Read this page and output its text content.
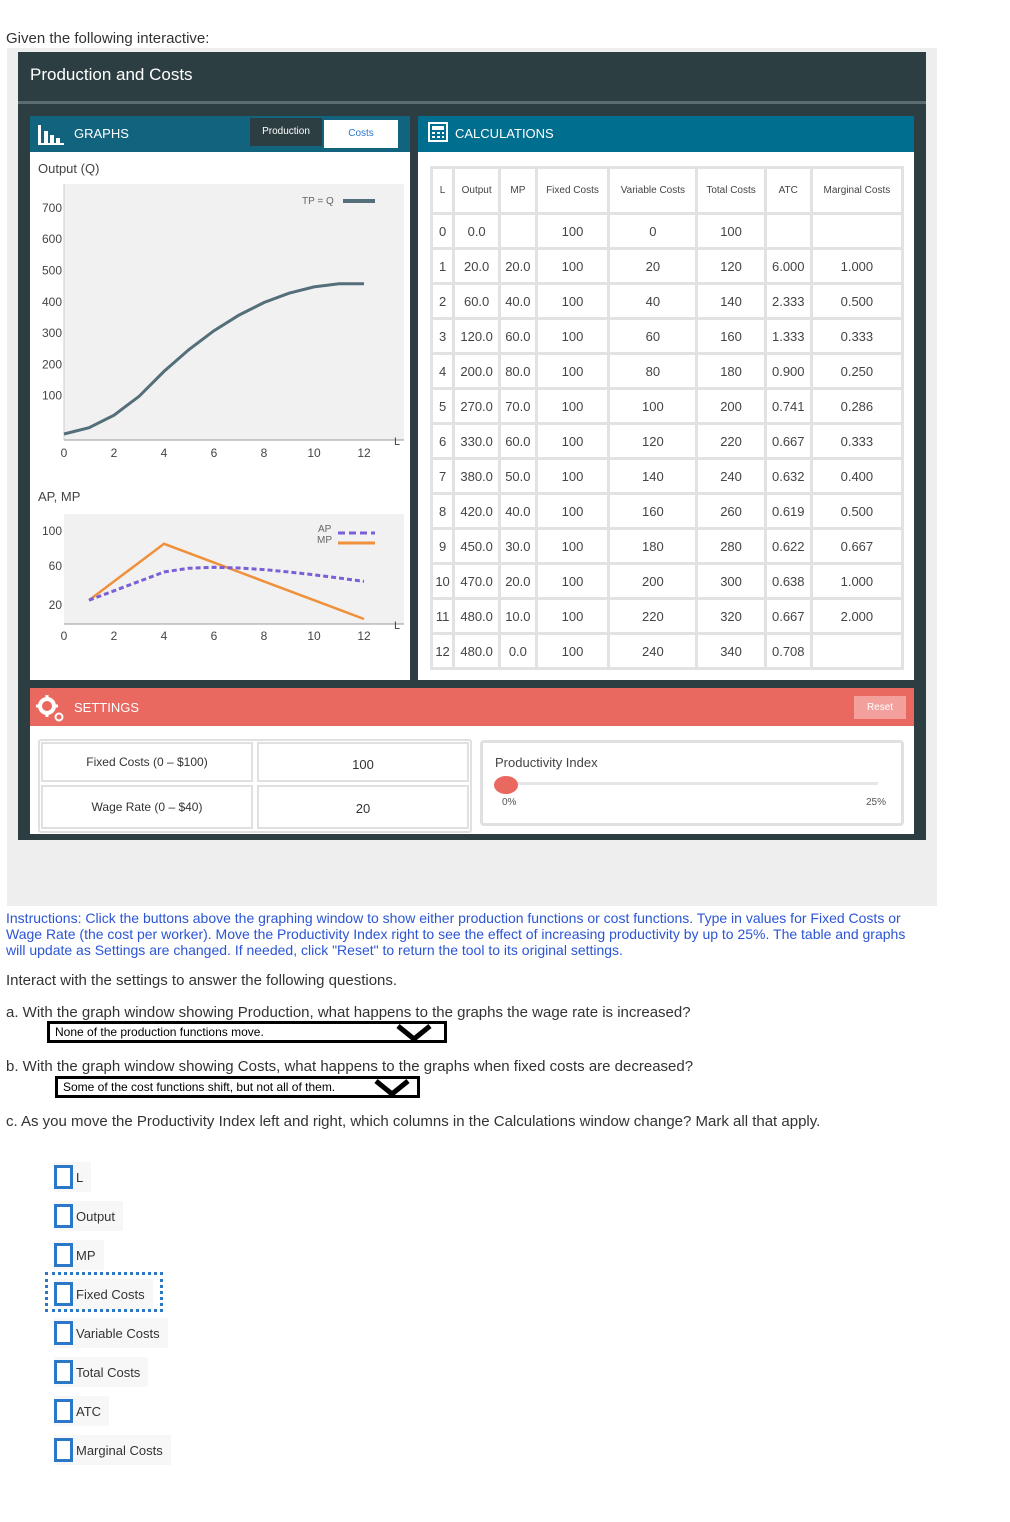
Given the following interactive:
Production and Costs
GRAPHS	Production	Costs	CALCULATIONS
Output (Q)
AP, MP
700
600
500
400
300
200
100
0	2	4	6	8	10	12
L
TP = Q
100
60
20
0	2	4	6	8	10	12
L
AP
MP
L	Output	MP	Fixed Costs	Variable Costs	Total Costs	ATC	Marginal Costs
0	0.0		100	0	100		
1	20.0	20.0	100	20	120	6.000	1.000
2	60.0	40.0	100	40	140	2.333	0.500
3	120.0	60.0	100	60	160	1.333	0.333
4	200.0	80.0	100	80	180	0.900	0.250
5	270.0	70.0	100	100	200	0.741	0.286
6	330.0	60.0	100	120	220	0.667	0.333
7	380.0	50.0	100	140	240	0.632	0.400
8	420.0	40.0	100	160	260	0.619	0.500
9	450.0	30.0	100	180	280	0.622	0.667
10	470.0	20.0	100	200	300	0.638	1.000
11	480.0	10.0	100	220	320	0.667	2.000
12	480.0	0.0	100	240	340	0.708	
SETTINGS	Reset
Fixed Costs (0 – $100)	100
Wage Rate (0 – $40)	20
Productivity Index
0%	25%
Instructions: Click the buttons above the graphing window to show either production functions or cost functions. Type in values for Fixed Costs or Wage Rate (the cost per worker). Move the Productivity Index right to see the effect of increasing productivity by up to 25%. The table and graphs will update as Settings are changed. If needed, click "Reset" to return the tool to its original settings.
Interact with the settings to answer the following questions.
a. With the graph window showing Production, what happens to the graphs the wage rate is increased?
None of the production functions move.
b. With the graph window showing Costs, what happens to the graphs when fixed costs are decreased?
Some of the cost functions shift, but not all of them.
c. As you move the Productivity Index left and right, which columns in the Calculations window change? Mark all that apply.
L
Output
MP
Fixed Costs
Variable Costs
Total Costs
ATC
Marginal Costs
